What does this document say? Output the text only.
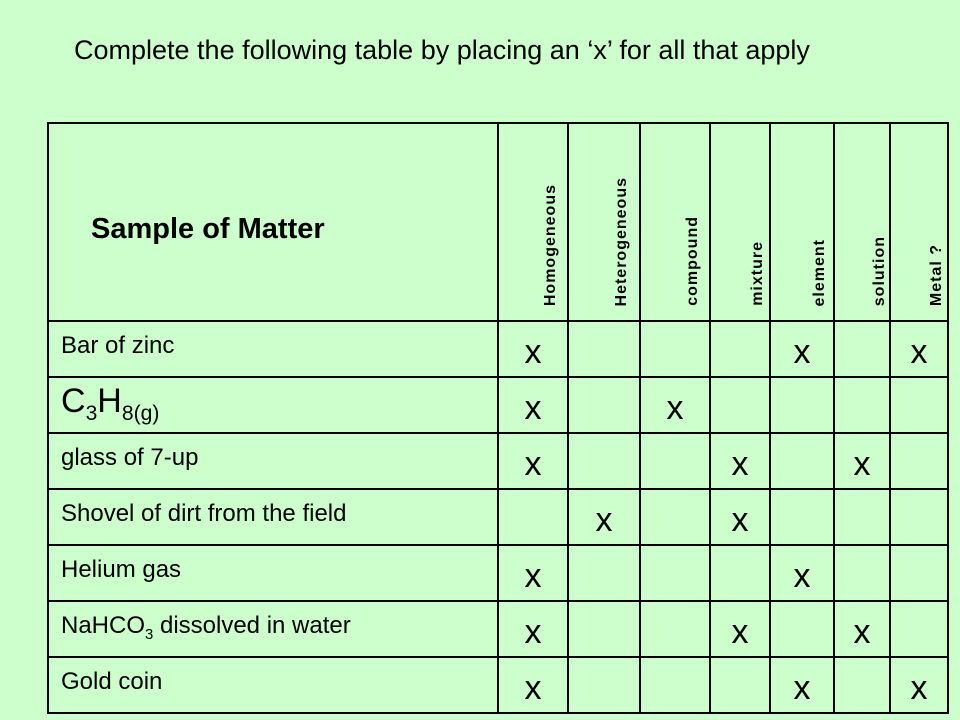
Complete the following table by placing an ‘x’ for all that apply
Sample of Matter	Homogeneous	Heterogeneous	compound	mixture	element	solution	Metal ?

Bar of zinc	x				x		x
$C_3H_{8(g)}$	x		x				
glass of 7-up	x			x		x	
Shovel of dirt from the field		x		x			
Helium gas	x				x		
NaHCO$_3$ dissolved in water	x			x		x	
Gold coin	x				x		x
